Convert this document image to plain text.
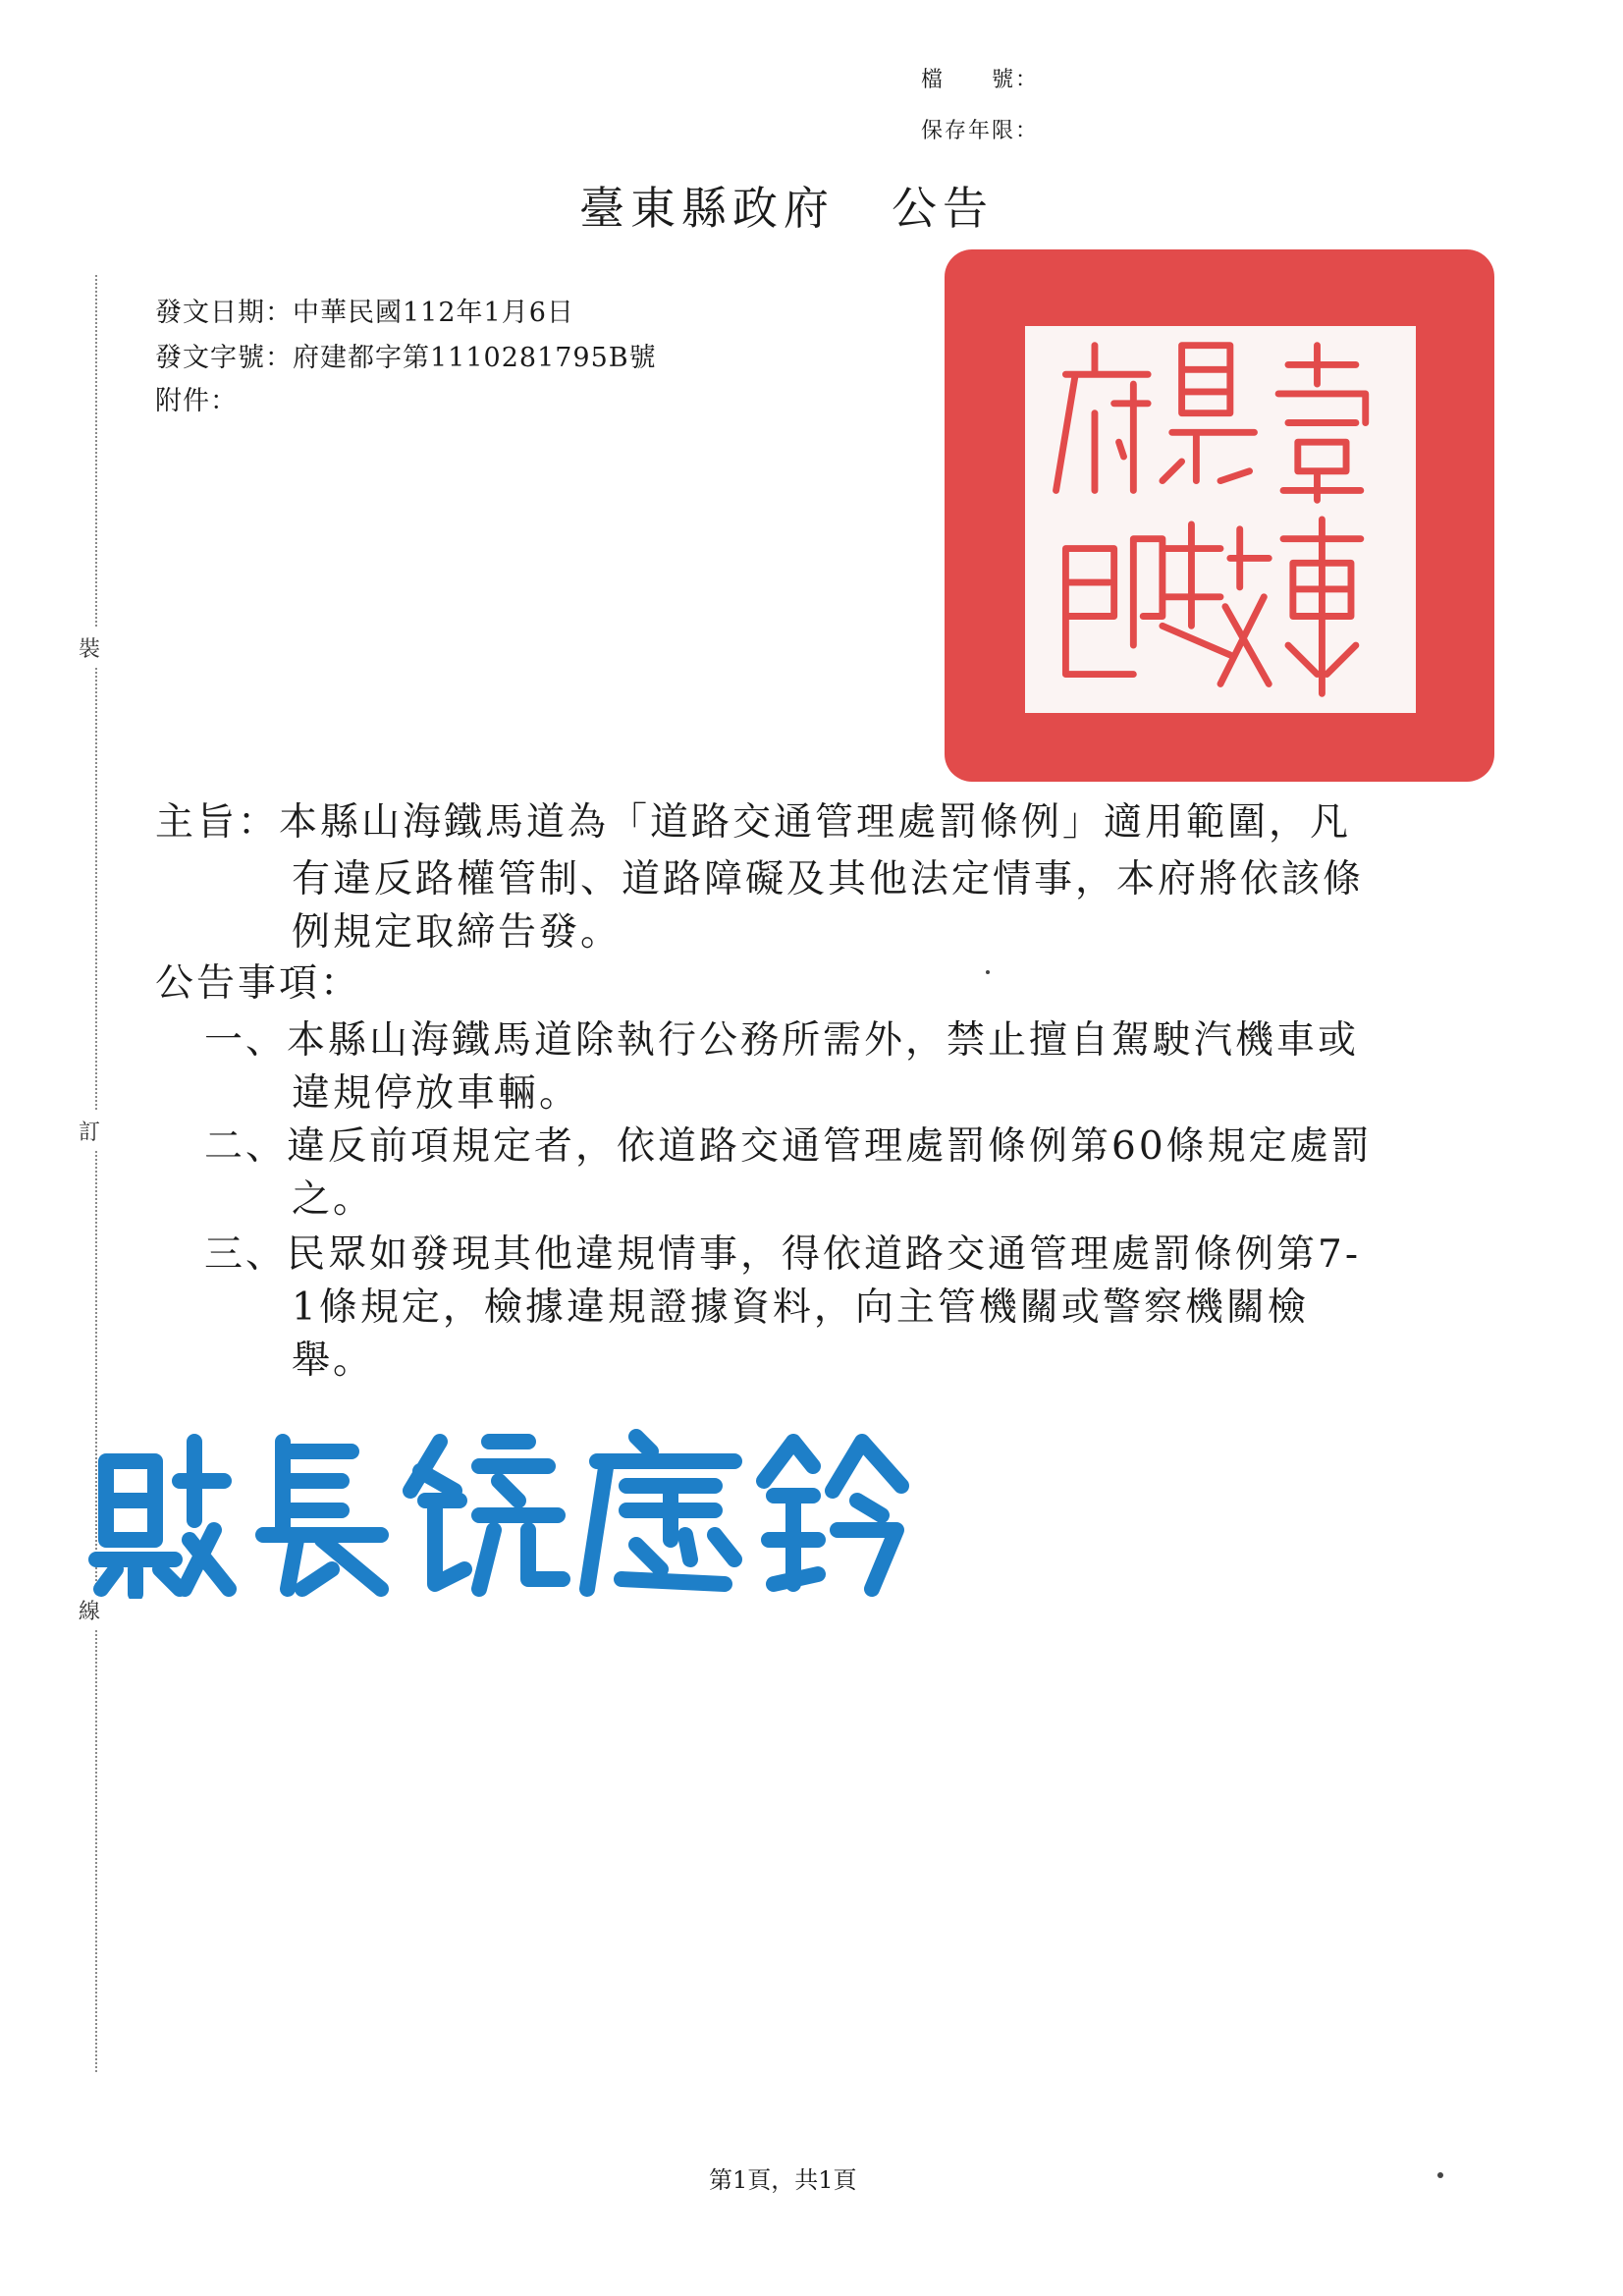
檔　　號：
保存年限：
裝
訂
線
臺東縣政府 公告
發文日期：中華民國112年1月6日
發文字號：府建都字第1110281795B號
附件：
主旨：本縣山海鐵馬道為「道路交通管理處罰條例」適用範圍，凡
有違反路權管制、道路障礙及其他法定情事，本府將依該條
例規定取締告發。
公告事項：
一、本縣山海鐵馬道除執行公務所需外，禁止擅自駕駛汽機車或
違規停放車輛。
二、違反前項規定者，依道路交通管理處罰條例第60條規定處罰
之。
三、民眾如發現其他違規情事，得依道路交通管理處罰條例第7-
1條規定，檢據違規證據資料，向主管機關或警察機關檢
舉。
第1頁，共1頁
